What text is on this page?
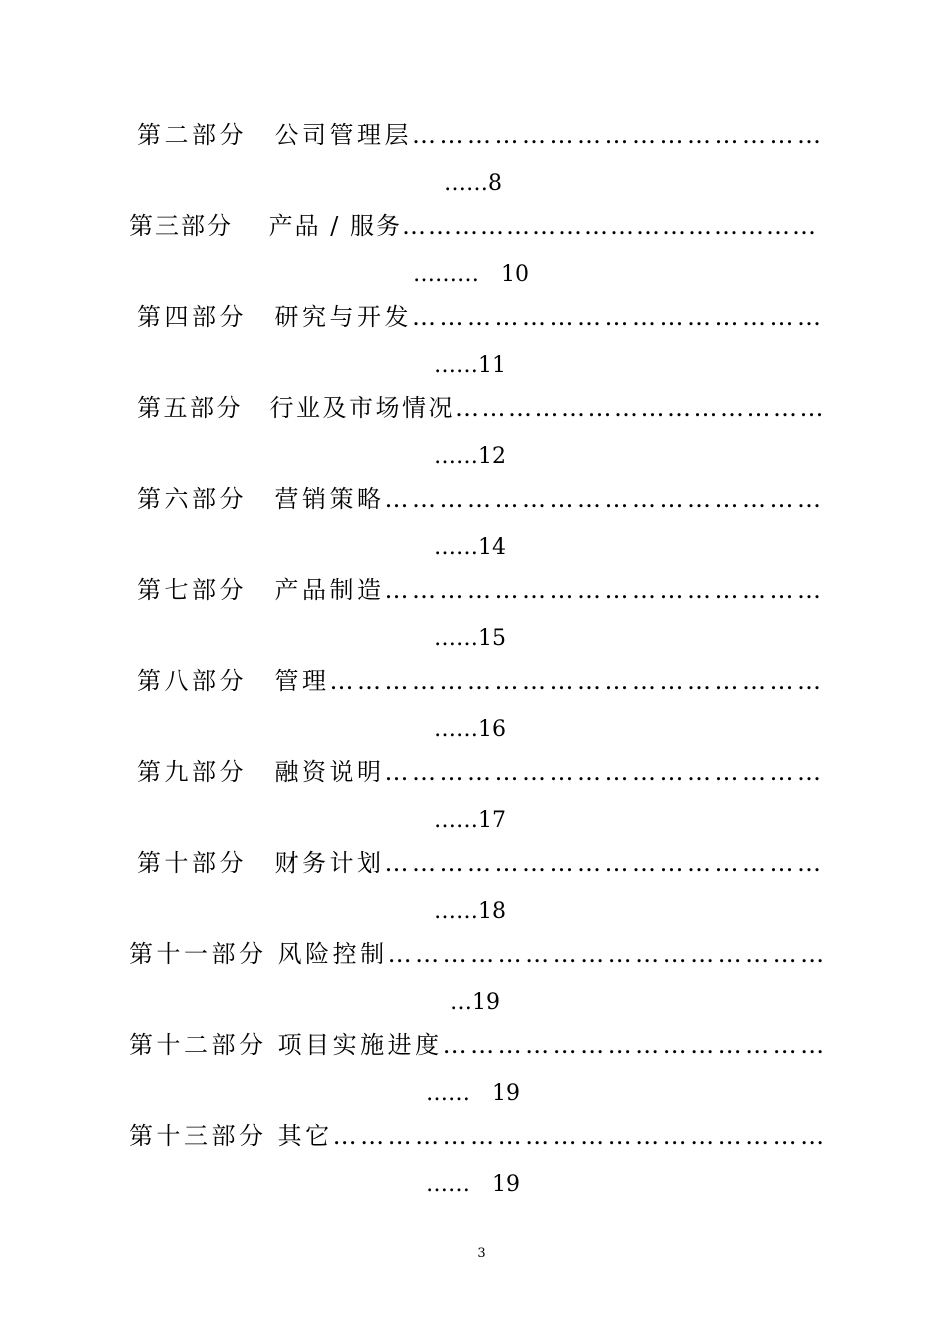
第二部分　公司管理层………………………………………
……8
第三部分　 产品 / 服务…………………………………………
………　10
第四部分　研究与开发………………………………………
……11
第五部分　行业及市场情况……………………………………
……12
第六部分　营销策略…………………………………………
……14
第七部分　产品制造…………………………………………
……15
第八部分　管理………………………………………………
……16
第九部分　融资说明…………………………………………
……17
第十部分　财务计划…………………………………………
……18
第十一部分 风险控制…………………………………………
…19
第十二部分 项目实施进度……………………………………
……　19
第十三部分 其它………………………………………………
……　19
3
